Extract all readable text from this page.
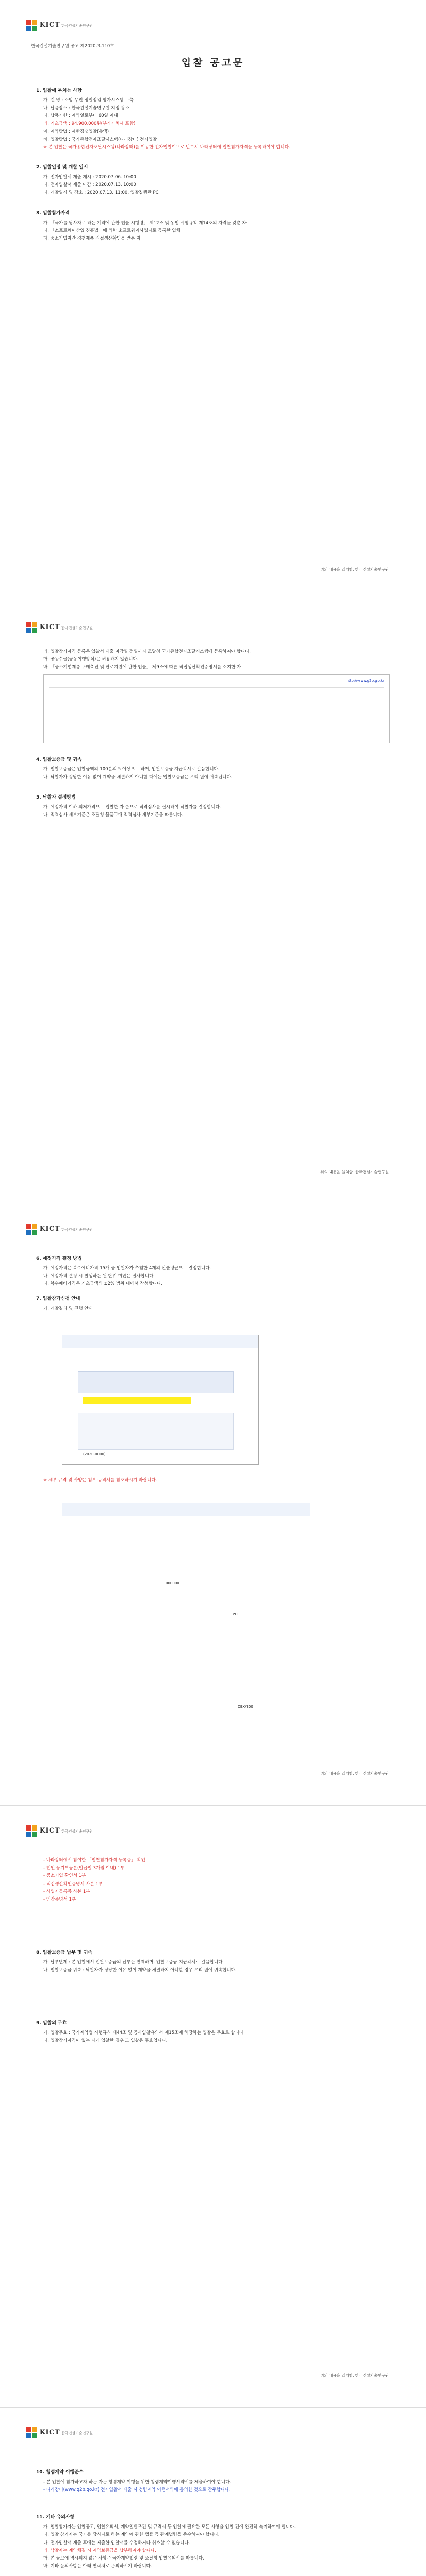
KICT 한국건설기술연구원
한국건설기술연구원 공고 제2020-3-110호
입찰 공고문
1. 입찰에 부치는 사항
가. 건 명 : 소방 무인 정밀점검 평가시스템 구축
나. 납품장소 : 한국건설기술연구원 지정 장소
다. 납품기한 : 계약일로부터 60일 이내
라. 기초금액 : 94,900,000원(부가가치세 포함)
마. 계약방법 : 제한경쟁입찰(총액)
바. 입찰방법 : 국가종합전자조달시스템(나라장터) 전자입찰
※ 본 입찰은 국가종합전자조달시스템(나라장터)를 이용한 전자입찰이므로 반드시 나라장터에 입찰참가자격을 등록하여야 합니다.
2. 입찰일정 및 개찰 일시
가. 전자입찰서 제출 개시 : 2020.07.06. 10:00
나. 전자입찰서 제출 마감 : 2020.07.13. 10:00
다. 개찰일시 및 장소 : 2020.07.13. 11:00, 입찰집행관 PC
3. 입찰참가자격
가. 「국가를 당사자로 하는 계약에 관한 법률 시행령」 제12조 및 동법 시행규칙 제14조의 자격을 갖춘 자
나. 「소프트웨어산업 진흥법」에 의한 소프트웨어사업자로 등록한 업체
다. 중소기업자간 경쟁제품 직접생산확인을 받은 자
위의 내용을 일치함. 한국건설기술연구원
KICT 한국건설기술연구원
라. 입찰참가자격 등록은 입찰서 제출 마감일 전일까지 조달청 국가종합전자조달시스템에 등록하여야 합니다.
마. 공동수급(공동이행방식)은 허용하지 않습니다.
바. 「중소기업제품 구매촉진 및 판로지원에 관한 법률」 제9조에 따른 직접생산확인증명서를 소지한 자
http://www.g2b.go.kr
4. 입찰보증금 및 귀속
가. 입찰보증금은 입찰금액의 100분의 5 이상으로 하며, 입찰보증금 지급각서로 갈음합니다.
나. 낙찰자가 정당한 이유 없이 계약을 체결하지 아니할 때에는 입찰보증금은 우리 원에 귀속됩니다.
5. 낙찰자 결정방법
가. 예정가격 이하 최저가격으로 입찰한 자 순으로 적격심사를 실시하여 낙찰자를 결정합니다.
나. 적격심사 세부기준은 조달청 물품구매 적격심사 세부기준을 따릅니다.
위의 내용을 일치함. 한국건설기술연구원
KICT 한국건설기술연구원
6. 예정가격 결정 방법
가. 예정가격은 복수예비가격 15개 중 입찰자가 추첨한 4개의 산술평균으로 결정합니다.
나. 예정가격 결정 시 발생하는 원 단위 미만은 절사합니다.
다. 복수예비가격은 기초금액의 ±2% 범위 내에서 작성합니다.
7. 입찰참가신청 안내
가. 개찰결과 및 진행 안내
(2020-0000)
※ 세부 규격 및 사양은 첨부 규격서를 참조하시기 바랍니다.
000000
PDF
CEX/300
위의 내용을 일치함. 한국건설기술연구원
KICT 한국건설기술연구원
- 나라장터에서 참여한 「입찰참가자격 등록증」 확인
- 법인 등기부등본(발급일 3개월 이내) 1부
- 중소기업 확인서 1부
- 직접생산확인증명서 사본 1부
- 사업자등록증 사본 1부
- 인감증명서 1부
8. 입찰보증금 납부 및 귀속
가. 납부면제 : 본 입찰에서 입찰보증금의 납부는 면제하며, 입찰보증금 지급각서로 갈음합니다.
나. 입찰보증금 귀속 : 낙찰자가 정당한 이유 없이 계약을 체결하지 아니할 경우 우리 원에 귀속합니다.
9. 입찰의 무효
가. 입찰무효 : 국가계약법 시행규칙 제44조 및 공사입찰유의서 제15조에 해당하는 입찰은 무효로 합니다.
나. 입찰참가자격이 없는 자가 입찰한 경우 그 입찰은 무효입니다.
위의 내용을 일치함. 한국건설기술연구원
KICT 한국건설기술연구원
10. 청렴계약 이행준수
- 본 입찰에 참가하고자 하는 자는 청렴계약 이행을 위한 청렴계약이행서약서를 제출하여야 합니다.
- 나라장터(www.g2b.go.kr) 전자입찰서 제출 시 청렴계약 이행서약에 동의한 것으로 간주합니다.
11. 기타 유의사항
가. 입찰참가자는 입찰공고, 입찰유의서, 계약일반조건 및 규격서 등 입찰에 필요한 모든 사항을 입찰 전에 완전히 숙지하여야 합니다.
나. 입찰 참가자는 국가를 당사자로 하는 계약에 관한 법률 등 관계법령을 준수하여야 합니다.
다. 전자입찰서 제출 후에는 제출한 입찰서를 수정하거나 취소할 수 없습니다.
라. 낙찰자는 계약체결 시 계약보증금을 납부하여야 합니다.
마. 본 공고에 명시되지 않은 사항은 국가계약법령 및 조달청 입찰유의서를 따릅니다.
바. 기타 문의사항은 아래 연락처로 문의하시기 바랍니다.
